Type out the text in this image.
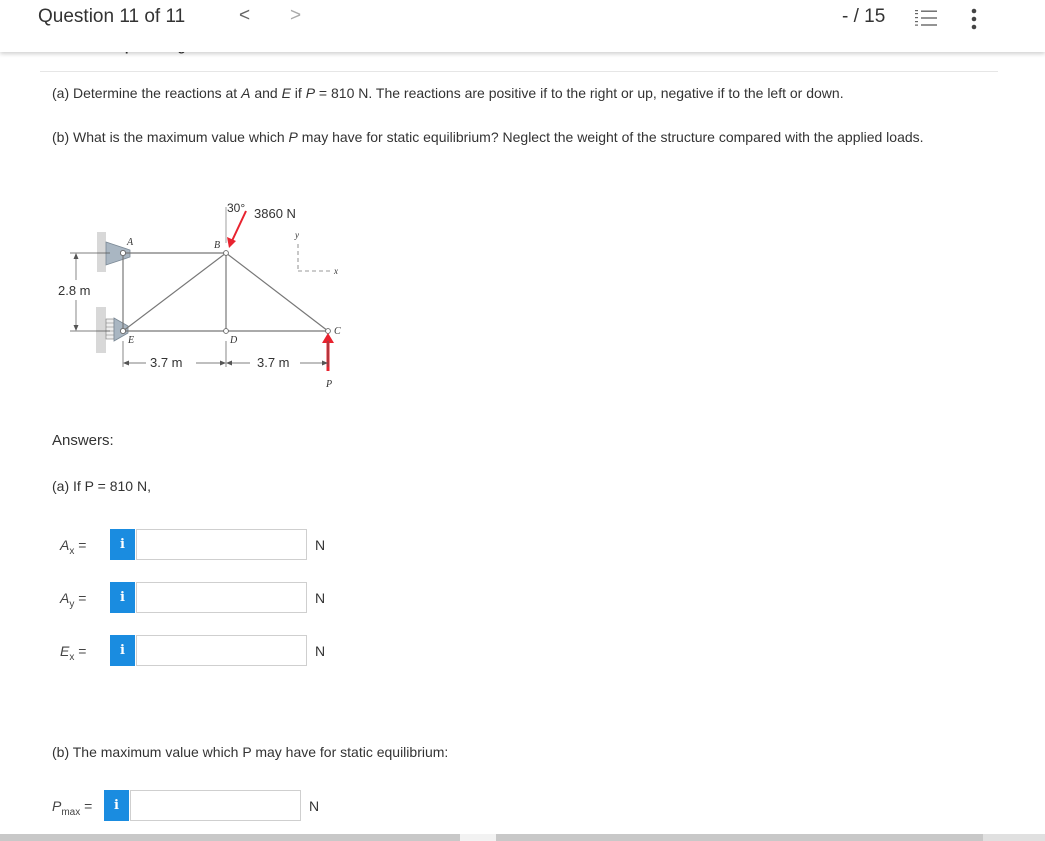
Question 11 of 11	< >	- / 15
(a) Determine the reactions at A and E if P = 810 N. The reactions are positive if to the right or up, negative if to the left or down.
(b) What is the maximum value which P may have for static equilibrium? Neglect the weight of the structure compared with the applied loads.
A	B
C
D
E
P
30° 3860 N
y
x
2.8 m
3.7 m	3.7 m
Answers:
(a) If P = 810 N,
$A_x$ =	i	N
$A_y$ =	i	N
$E_x$ =	i	N
(b) The maximum value which P may have for static equilibrium:
$P_{max}$ =	i	N
